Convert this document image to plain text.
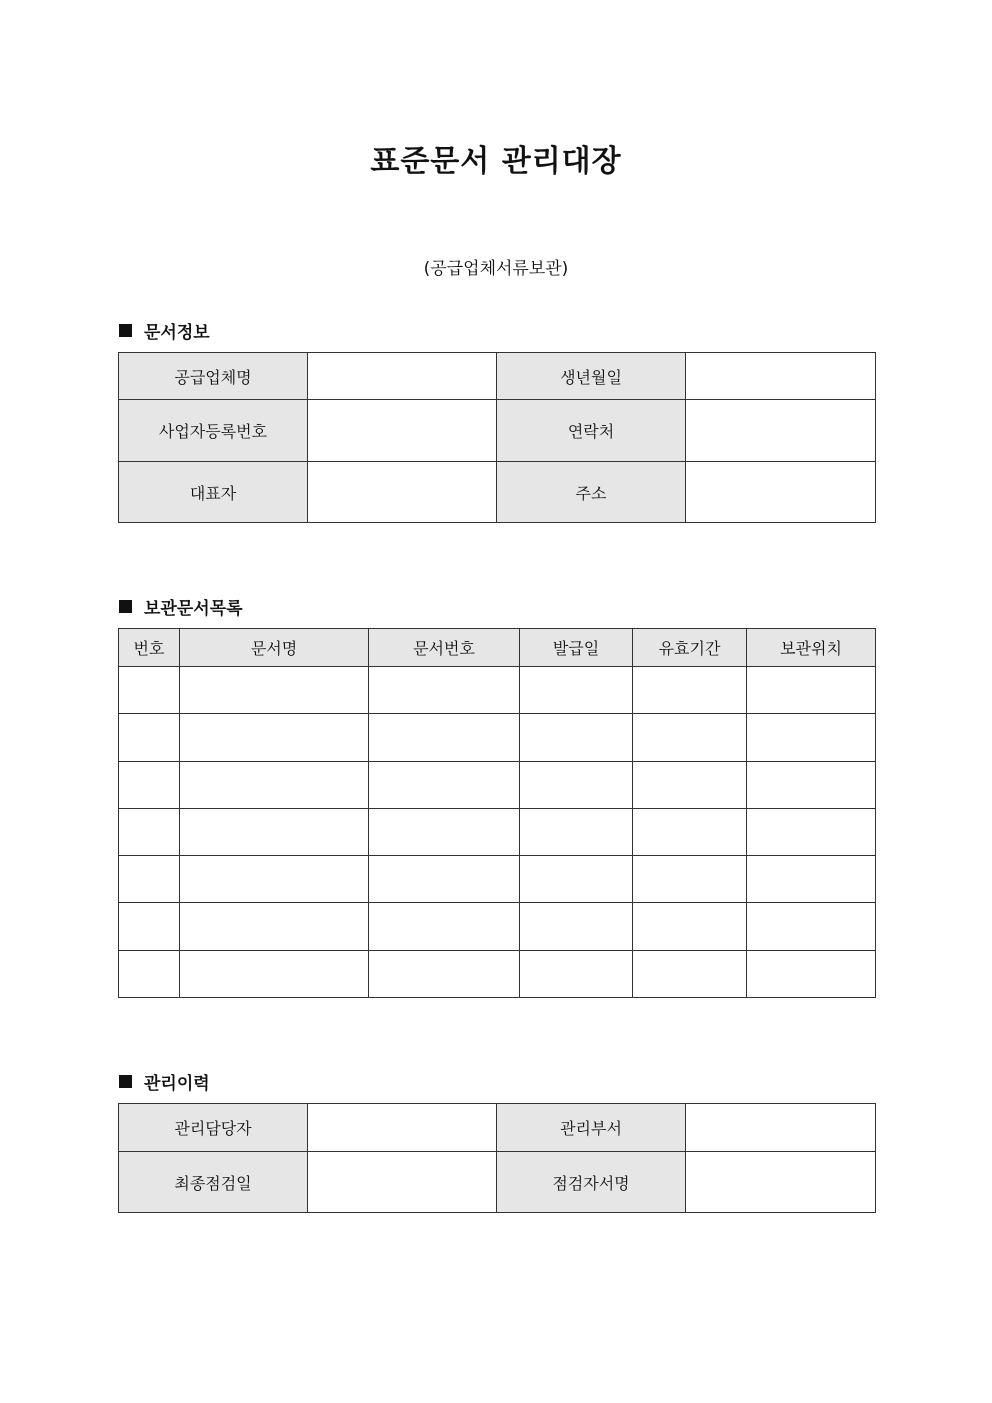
표준문서 관리대장

(공급업체서류보관)

문서정보
공급업체명		생년월일	
사업자등록번호		연락처	
대표자		주소	
보관문서목록
번호	문서명	문서번호	발급일	유효기간	보관위치

관리이력
관리담당자		관리부서	
최종점검일		점검자서명	
